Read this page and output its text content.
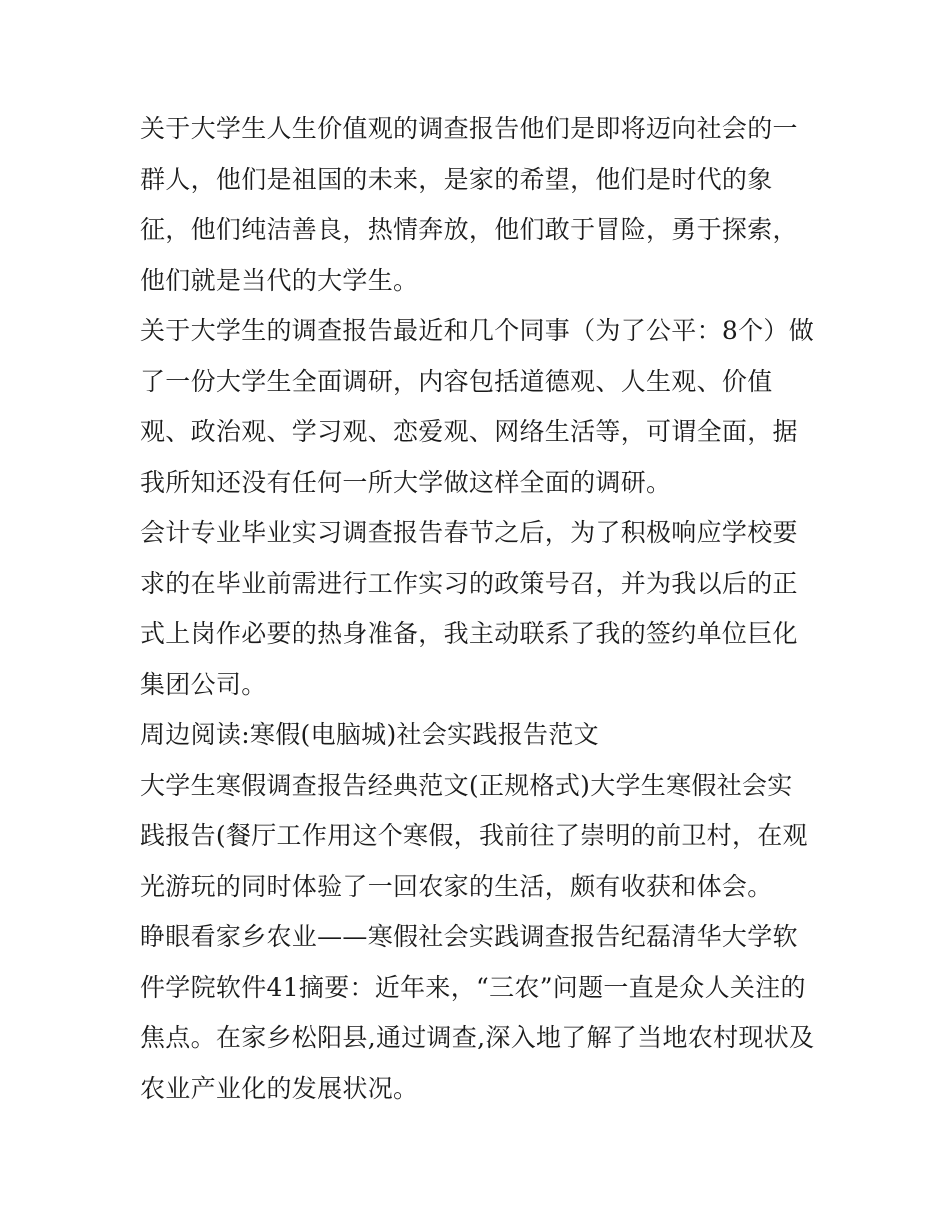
关于大学生人生价值观的调查报告他们是即将迈向社会的一群人，他们是祖国的未来，是家的希望，他们是时代的象征，他们纯洁善良，热情奔放，他们敢于冒险，勇于探索，他们就是当代的大学生。

关于大学生的调查报告最近和几个同事（为了公平：8个）做了一份大学生全面调研，内容包括道德观、人生观、价值观、政治观、学习观、恋爱观、网络生活等，可谓全面，据我所知还没有任何一所大学做这样全面的调研。

会计专业毕业实习调查报告春节之后，为了积极响应学校要求的在毕业前需进行工作实习的政策号召，并为我以后的正式上岗作必要的热身准备，我主动联系了我的签约单位巨化集团公司。

周边阅读:寒假(电脑城)社会实践报告范文

大学生寒假调查报告经典范文(正规格式)大学生寒假社会实践报告(餐厅工作用这个寒假，我前往了崇明的前卫村，在观光游玩的同时体验了一回农家的生活，颇有收获和体会。

睁眼看家乡农业——寒假社会实践调查报告纪磊清华大学软件学院软件41摘要：近年来，“三农”问题一直是众人关注的焦点。在家乡松阳县,通过调查,深入地了解了当地农村现状及农业产业化的发展状况。
